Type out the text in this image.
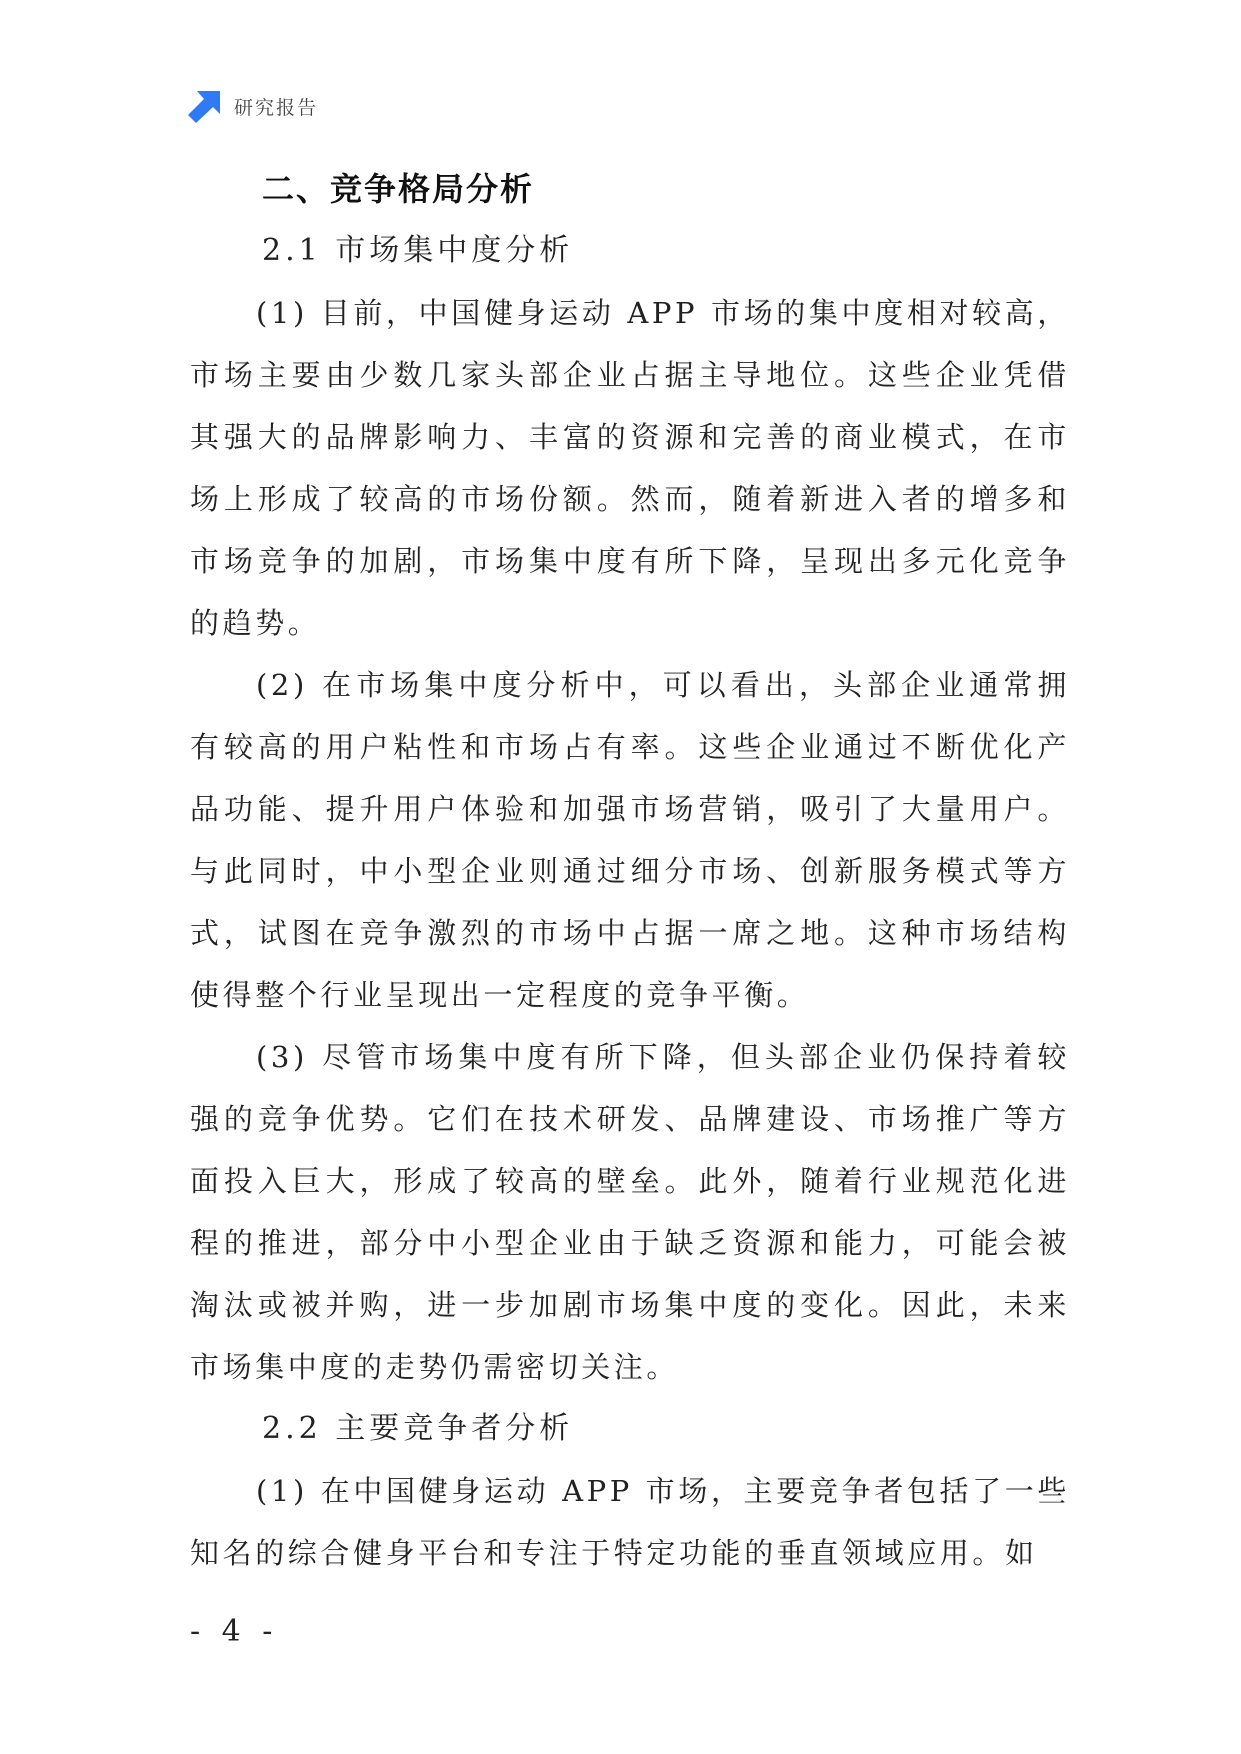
研究报告
二、竞争格局分析
2.1 市场集中度分析

(1) 目前，中国健身运动 APP 市场的集中度相对较高，市场主要由少数几家头部企业占据主导地位。这些企业凭借其强大的品牌影响力、丰富的资源和完善的商业模式，在市场上形成了较高的市场份额。然而，随着新进入者的增多和市场竞争的加剧，市场集中度有所下降，呈现出多元化竞争的趋势。

(2) 在市场集中度分析中，可以看出，头部企业通常拥有较高的用户粘性和市场占有率。这些企业通过不断优化产品功能、提升用户体验和加强市场营销，吸引了大量用户。与此同时，中小型企业则通过细分市场、创新服务模式等方式，试图在竞争激烈的市场中占据一席之地。这种市场结构使得整个行业呈现出一定程度的竞争平衡。

(3) 尽管市场集中度有所下降，但头部企业仍保持着较强的竞争优势。它们在技术研发、品牌建设、市场推广等方面投入巨大，形成了较高的壁垒。此外，随着行业规范化进程的推进，部分中小型企业由于缺乏资源和能力，可能会被淘汰或被并购，进一步加剧市场集中度的变化。因此，未来市场集中度的走势仍需密切关注。

2.2 主要竞争者分析

(1) 在中国健身运动 APP 市场，主要竞争者包括了一些知名的综合健身平台和专注于特定功能的垂直领域应用。如

- 4 -
